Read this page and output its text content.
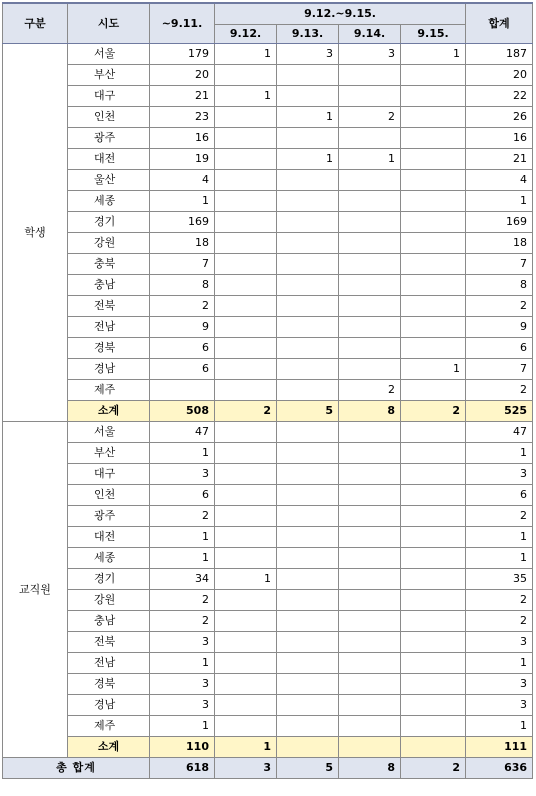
구분	시도	~9.11.	9.12.~9.15.				합계
			9.12.	9.13.	9.14.	9.15.	
학생	서울	179	1	3	3	1	187
	부산	20					20
	대구	21	1				22
	인천	23		1	2		26
	광주	16					16
	대전	19		1	1		21
	울산	4					4
	세종	1					1
	경기	169					169
	강원	18					18
	충북	7					7
	충남	8					8
	전북	2					2
	전남	9					9
	경북	6					6
	경남	6				1	7
	제주				2		2
	소계	508	2	5	8	2	525
교직원	서울	47					47
	부산	1					1
	대구	3					3
	인천	6					6
	광주	2					2
	대전	1					1
	세종	1					1
	경기	34	1				35
	강원	2					2
	충남	2					2
	전북	3					3
	전남	1					1
	경북	3					3
	경남	3					3
	제주	1					1
	소계	110	1				111
총 합계		618	3	5	8	2	636
